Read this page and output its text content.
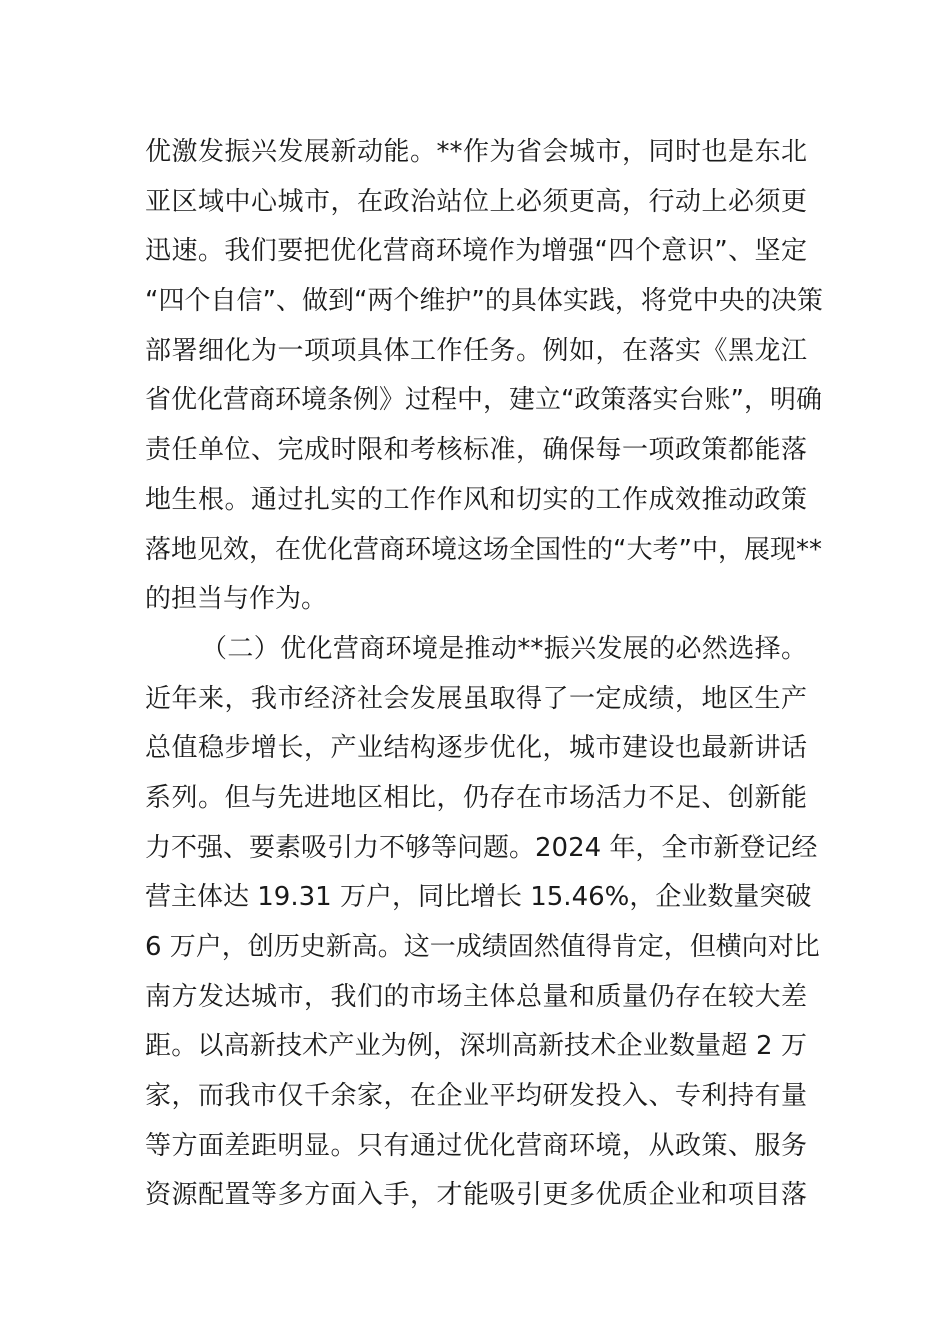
优激发振兴发展新动能。**作为省会城市，同时也是东北
亚区域中心城市，在政治站位上必须更高，行动上必须更
迅速。我们要把优化营商环境作为增强“四个意识”、坚定
“四个自信”、做到“两个维护”的具体实践，将党中央的决策
部署细化为一项项具体工作任务。例如，在落实《黑龙江
省优化营商环境条例》过程中，建立“政策落实台账”，明确
责任单位、完成时限和考核标准，确保每一项政策都能落
地生根。通过扎实的工作作风和切实的工作成效推动政策
落地见效，在优化营商环境这场全国性的“大考”中，展现**
的担当与作为。
（二）优化营商环境是推动**振兴发展的必然选择。
近年来，我市经济社会发展虽取得了一定成绩，地区生产
总值稳步增长，产业结构逐步优化，城市建设也最新讲话
系列。但与先进地区相比，仍存在市场活力不足、创新能
力不强、要素吸引力不够等问题。2024 年，全市新登记经
营主体达 19.31 万户，同比增长 15.46%，企业数量突破
6 万户，创历史新高。这一成绩固然值得肯定，但横向对比
南方发达城市，我们的市场主体总量和质量仍存在较大差
距。以高新技术产业为例，深圳高新技术企业数量超 2 万
家，而我市仅千余家，在企业平均研发投入、专利持有量
等方面差距明显。只有通过优化营商环境，从政策、服务
资源配置等多方面入手，才能吸引更多优质企业和项目落
